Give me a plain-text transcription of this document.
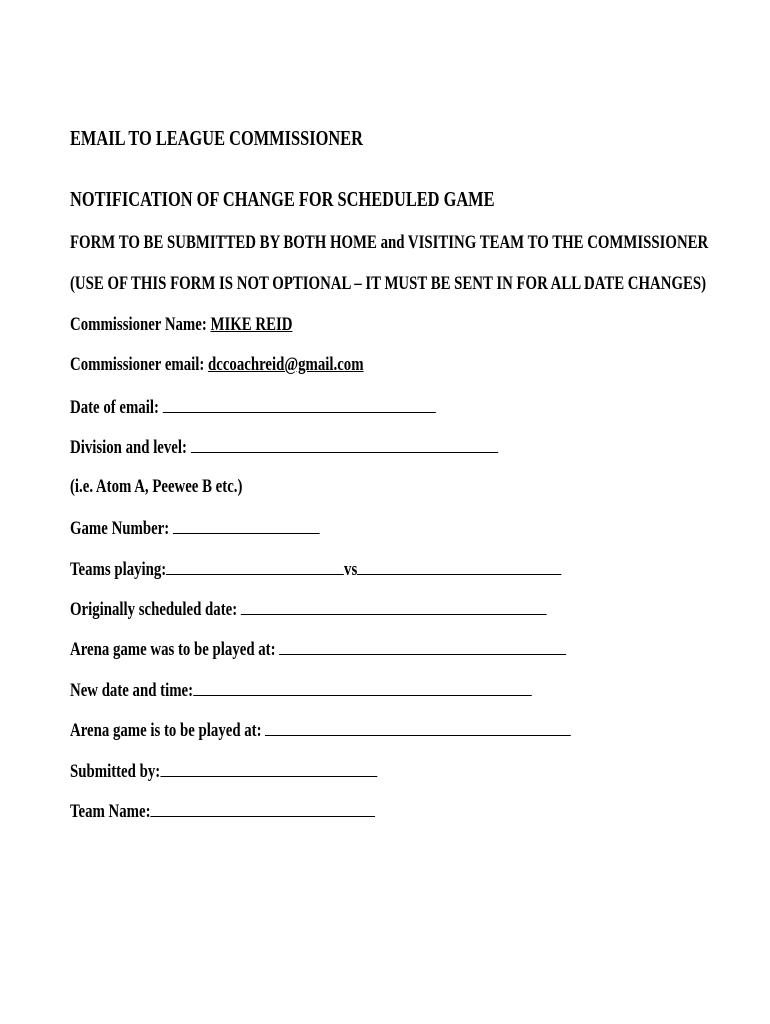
EMAIL TO LEAGUE COMMISSIONER
NOTIFICATION OF CHANGE FOR SCHEDULED GAME
FORM TO BE SUBMITTED BY BOTH HOME and VISITING TEAM TO THE COMMISSIONER
(USE OF THIS FORM IS NOT OPTIONAL – IT MUST BE SENT IN FOR ALL DATE CHANGES)
Commissioner Name: MIKE REID
Commissioner email: dccoachreid@gmail.com
Date of email:
Division and level:
(i.e. Atom A, Peewee B etc.)
Game Number:
Teams playing:	vs
Originally scheduled date:
Arena game was to be played at:
New date and time:
Arena game is to be played at:
Submitted by:
Team Name:
